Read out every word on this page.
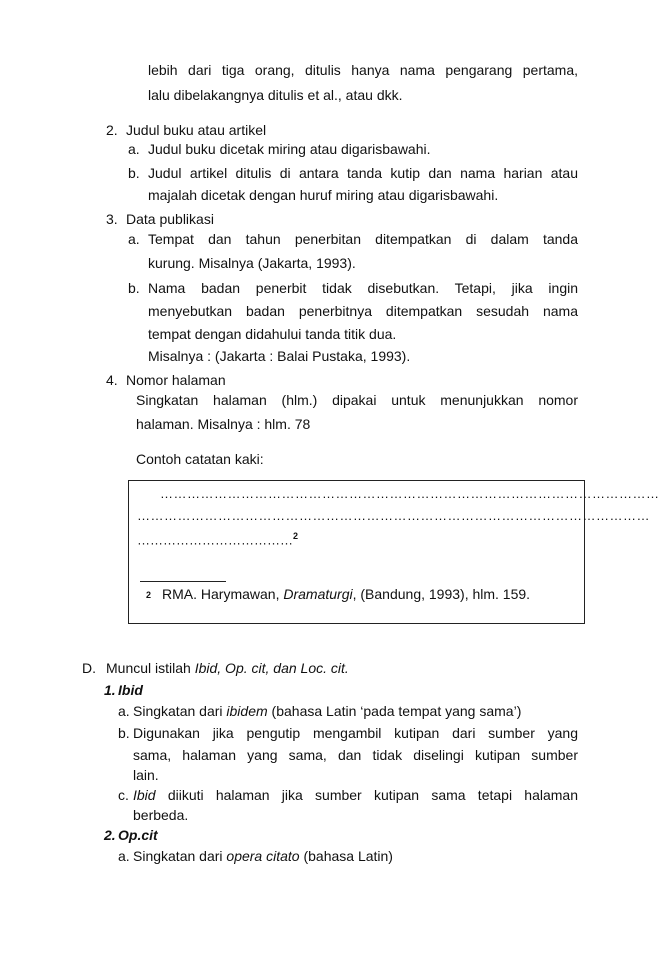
lebih dari tiga orang, ditulis hanya nama pengarang pertama,
lalu dibelakangnya ditulis et al., atau dkk.
2. Judul buku atau artikel
a. Judul buku dicetak miring atau digarisbawahi.
b. Judul artikel ditulis di antara tanda kutip dan nama harian atau
majalah dicetak dengan huruf miring atau digarisbawahi.
3. Data publikasi
a. Tempat dan tahun penerbitan ditempatkan di dalam tanda
kurung. Misalnya (Jakarta, 1993).
b. Nama badan penerbit tidak disebutkan. Tetapi, jika ingin
menyebutkan badan penerbitnya ditempatkan sesudah nama
tempat dengan didahului tanda titik dua.
Misalnya : (Jakarta : Balai Pustaka, 1993).
4. Nomor halaman
Singkatan halaman (hlm.) dipakai untuk menunjukkan nomor
halaman. Misalnya : hlm. 78
Contoh catatan kaki:
…………………………………………………………………………………………………
……………………………………………………………………………………………………
………………………………$^2$
2 RMA. Harymawan, Dramaturgi, (Bandung, 1993), hlm. 159.
D. Muncul istilah Ibid, Op. cit, dan Loc. cit.
1. Ibid
a. Singkatan dari ibidem (bahasa Latin ‘pada tempat yang sama’)
b. Digunakan jika pengutip mengambil kutipan dari sumber yang
sama, halaman yang sama, dan tidak diselingi kutipan sumber
lain.
c. Ibid diikuti halaman jika sumber kutipan sama tetapi halaman
berbeda.
2. Op.cit
a. Singkatan dari opera citato (bahasa Latin)
